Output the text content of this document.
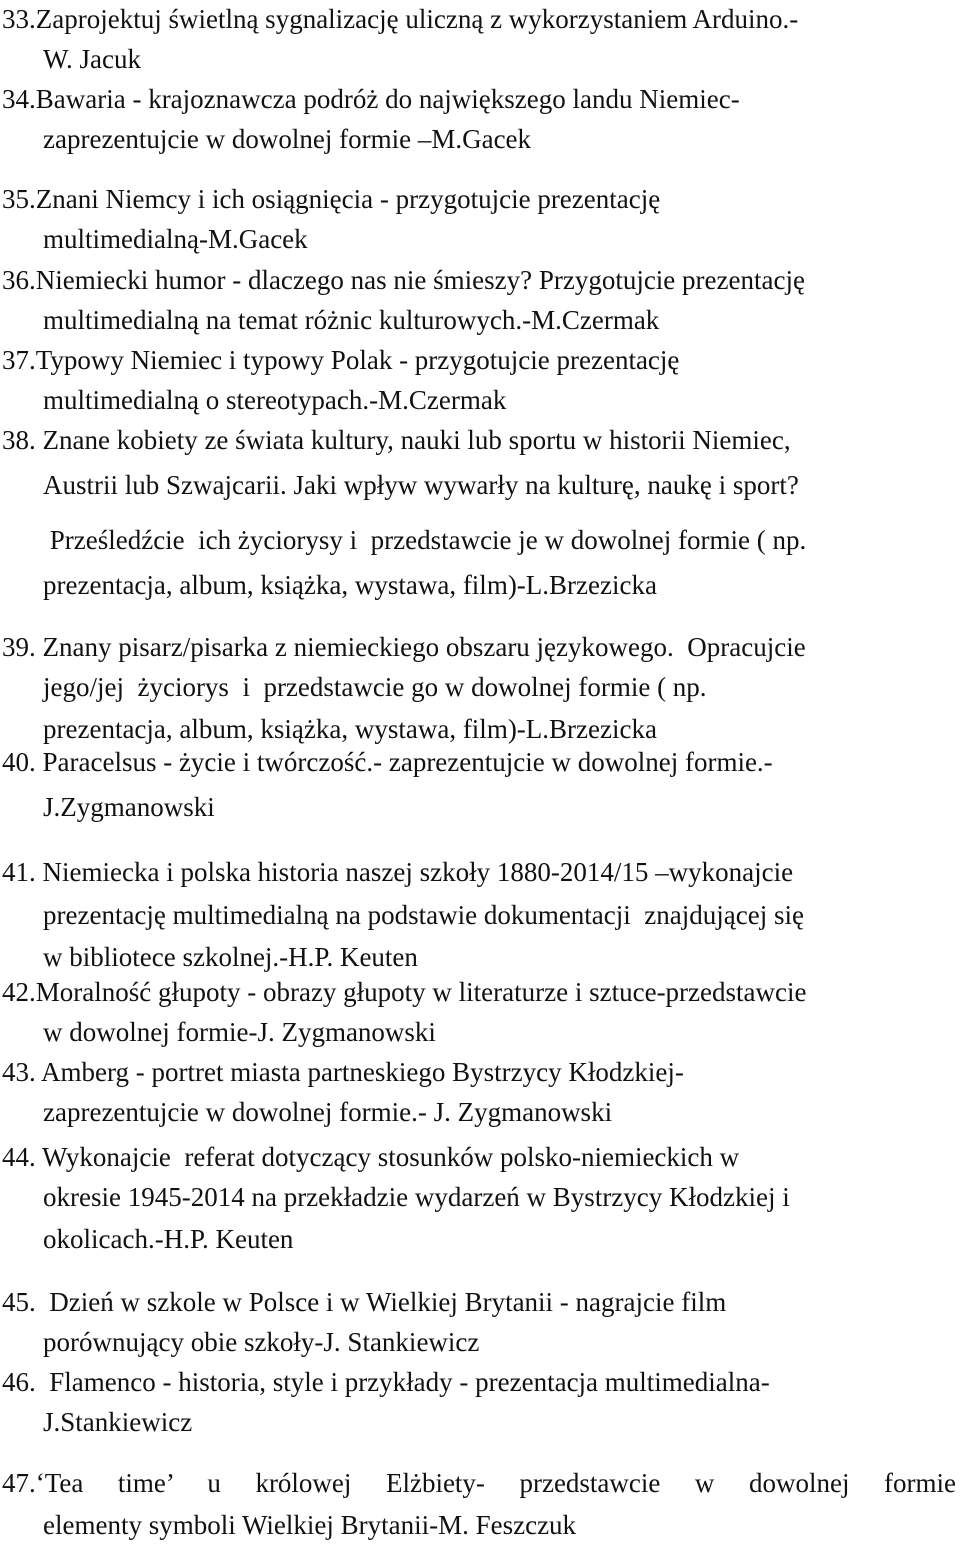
33.Zaprojektuj świetlną sygnalizację uliczną z wykorzystaniem Arduino.-
W. Jacuk
34.Bawaria - krajoznawcza podróż do największego landu Niemiec-
zaprezentujcie w dowolnej formie –M.Gacek
35.Znani Niemcy i ich osiągnięcia - przygotujcie prezentację
multimedialną-M.Gacek
36.Niemiecki humor - dlaczego nas nie śmieszy? Przygotujcie prezentację
multimedialną na temat różnic kulturowych.-M.Czermak
37.Typowy Niemiec i typowy Polak - przygotujcie prezentację
multimedialną o stereotypach.-M.Czermak
38. Znane kobiety ze świata kultury, nauki lub sportu w historii Niemiec,
Austrii lub Szwajcarii. Jaki wpływ wywarły na kulturę, naukę i sport?
Prześledźcie  ich życiorysy i  przedstawcie je w dowolnej formie ( np.
prezentacja, album, książka, wystawa, film)-L.Brzezicka
39. Znany pisarz/pisarka z niemieckiego obszaru językowego.  Opracujcie
jego/jej  życiorys  i  przedstawcie go w dowolnej formie ( np.
prezentacja, album, książka, wystawa, film)-L.Brzezicka
40. Paracelsus - życie i twórczość.- zaprezentujcie w dowolnej formie.-
J.Zygmanowski
41. Niemiecka i polska historia naszej szkoły 1880-2014/15 –wykonajcie
prezentację multimedialną na podstawie dokumentacji  znajdującej się
w bibliotece szkolnej.-H.P. Keuten
42.Moralność głupoty - obrazy głupoty w literaturze i sztuce-przedstawcie
w dowolnej formie-J. Zygmanowski
43. Amberg - portret miasta partneskiego Bystrzycy Kłodzkiej-
zaprezentujcie w dowolnej formie.- J. Zygmanowski
44. Wykonajcie  referat dotyczący stosunków polsko-niemieckich w
okresie 1945-2014 na przekładzie wydarzeń w Bystrzycy Kłodzkiej i
okolicach.-H.P. Keuten
45.  Dzień w szkole w Polsce i w Wielkiej Brytanii - nagrajcie film
porównujący obie szkoły-J. Stankiewicz
46.  Flamenco - historia, style i przykłady - prezentacja multimedialna-
J.Stankiewicz
47.‘Tea  time’  u  królowej  Elżbiety-  przedstawcie  w  dowolnej  formie
elementy symboli Wielkiej Brytanii-M. Feszczuk
